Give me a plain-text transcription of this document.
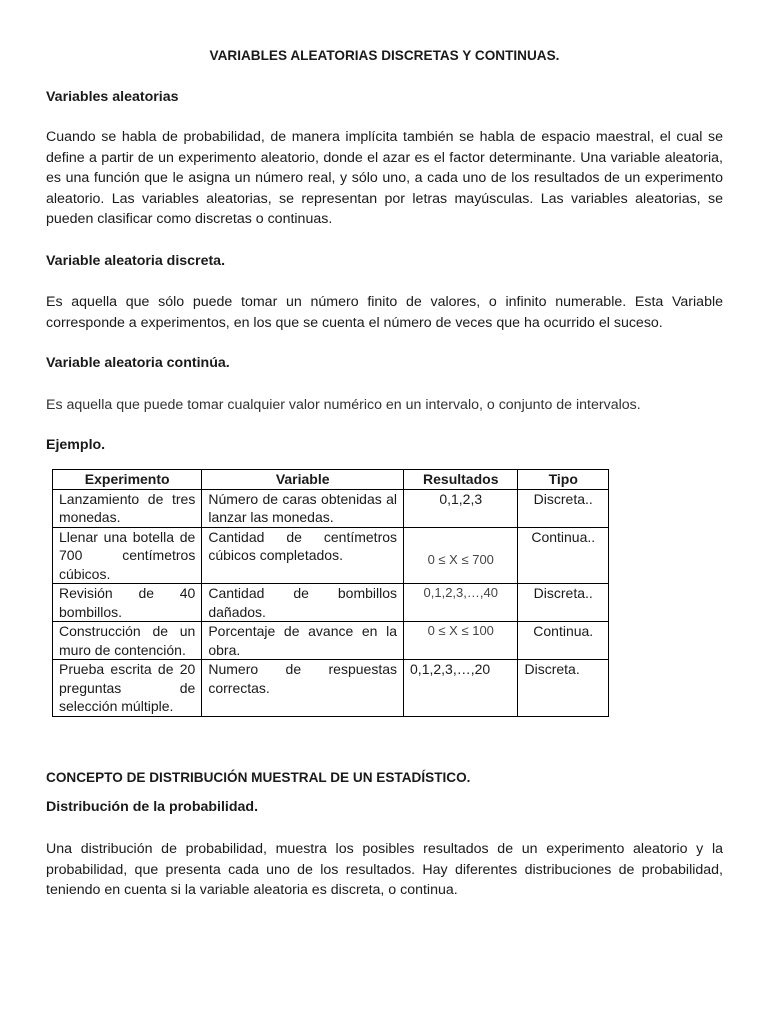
VARIABLES ALEATORIAS DISCRETAS Y CONTINUAS.
Variables aleatorias
Cuando se habla de probabilidad, de manera implícita también se habla de espacio maestral, el cual se define a partir de un experimento aleatorio, donde el azar es el factor determinante. Una variable aleatoria, es una función que le asigna un número real, y sólo uno, a cada uno de los resultados de un experimento aleatorio. Las variables aleatorias, se representan por letras mayúsculas. Las variables aleatorias, se pueden clasificar como discretas o continuas.
Variable aleatoria discreta.
Es aquella que sólo puede tomar un número finito de valores, o infinito numerable. Esta Variable corresponde a experimentos, en los que se cuenta el número de veces que ha ocurrido el suceso.
Variable aleatoria continúa.
Es aquella que puede tomar cualquier valor numérico en un intervalo, o conjunto de intervalos.
Ejemplo.
Experimento	Variable	Resultados	Tipo
Lanzamiento de tres monedas.	Número de caras obtenidas al lanzar las monedas.	0,1,2,3	Discreta..
Llenar una botella de 700 centímetros cúbicos.	Cantidad de centímetros cúbicos completados.	0 ≤ X ≤ 700	Continua..
Revisión de 40 bombillos.	Cantidad de bombillos dañados.	0,1,2,3,…,40	Discreta..
Construcción de un muro de contención.	Porcentaje de avance en la obra.	0 ≤ X ≤ 100	Continua.
Prueba escrita de 20 preguntas de selección múltiple.	Numero de respuestas correctas.	0,1,2,3,…,20	Discreta.
CONCEPTO DE DISTRIBUCIÓN MUESTRAL DE UN ESTADÍSTICO.
Distribución de la probabilidad.
Una distribución de probabilidad, muestra los posibles resultados de un experimento aleatorio y la probabilidad, que presenta cada uno de los resultados. Hay diferentes distribuciones de probabilidad, teniendo en cuenta si la variable aleatoria es discreta, o continua.
